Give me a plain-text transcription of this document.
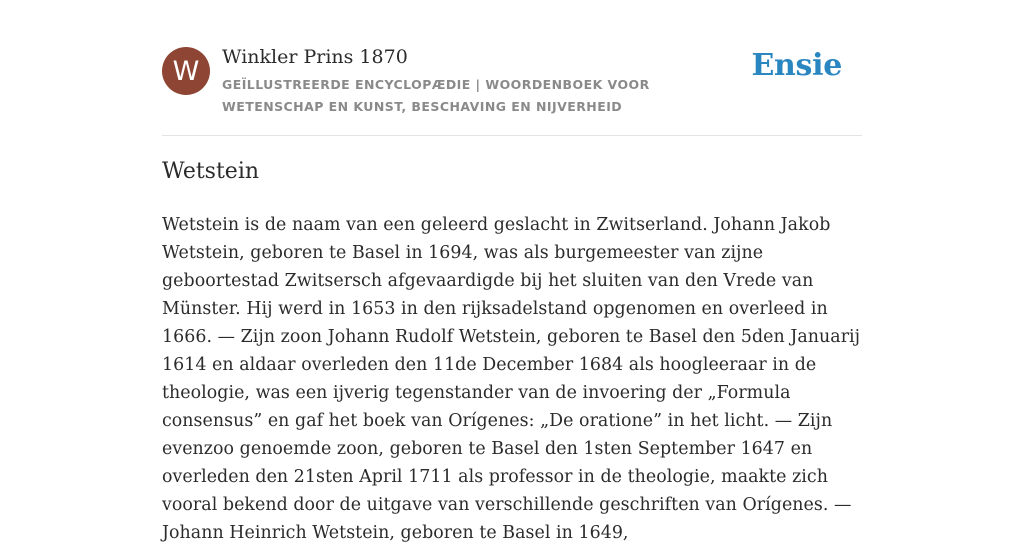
W	Winkler Prins 1870
GEÏLLUSTREERDE ENCYCLOPÆDIE | WOORDENBOEK VOOR WETENSCHAP EN KUNST, BESCHAVING EN NIJVERHEID
Ensie
Wetstein

Wetstein is de naam van een geleerd geslacht in Zwitserland. Johann Jakob Wetstein, geboren te Basel in 1694, was als burgemeester van zijne geboortestad Zwitsersch afgevaardigde bij het sluiten van den Vrede van Münster. Hij werd in 1653 in den rijksadelstand opgenomen en overleed in 1666. — Zijn zoon Johann Rudolf Wetstein, geboren te Basel den 5den Januarij 1614 en aldaar overleden den 11de December 1684 als hoogleeraar in de theologie, was een ijverig tegenstander van de invoering der „Formula consensus” en gaf het boek van Orígenes: „De oratione” in het licht. — Zijn evenzoo genoemde zoon, geboren te Basel den 1sten September 1647 en overleden den 21sten April 1711 als professor in de theologie, maakte zich vooral bekend door de uitgave van verschillende geschriften van Orígenes. — Johann Heinrich Wetstein, geboren te Basel in 1649,
